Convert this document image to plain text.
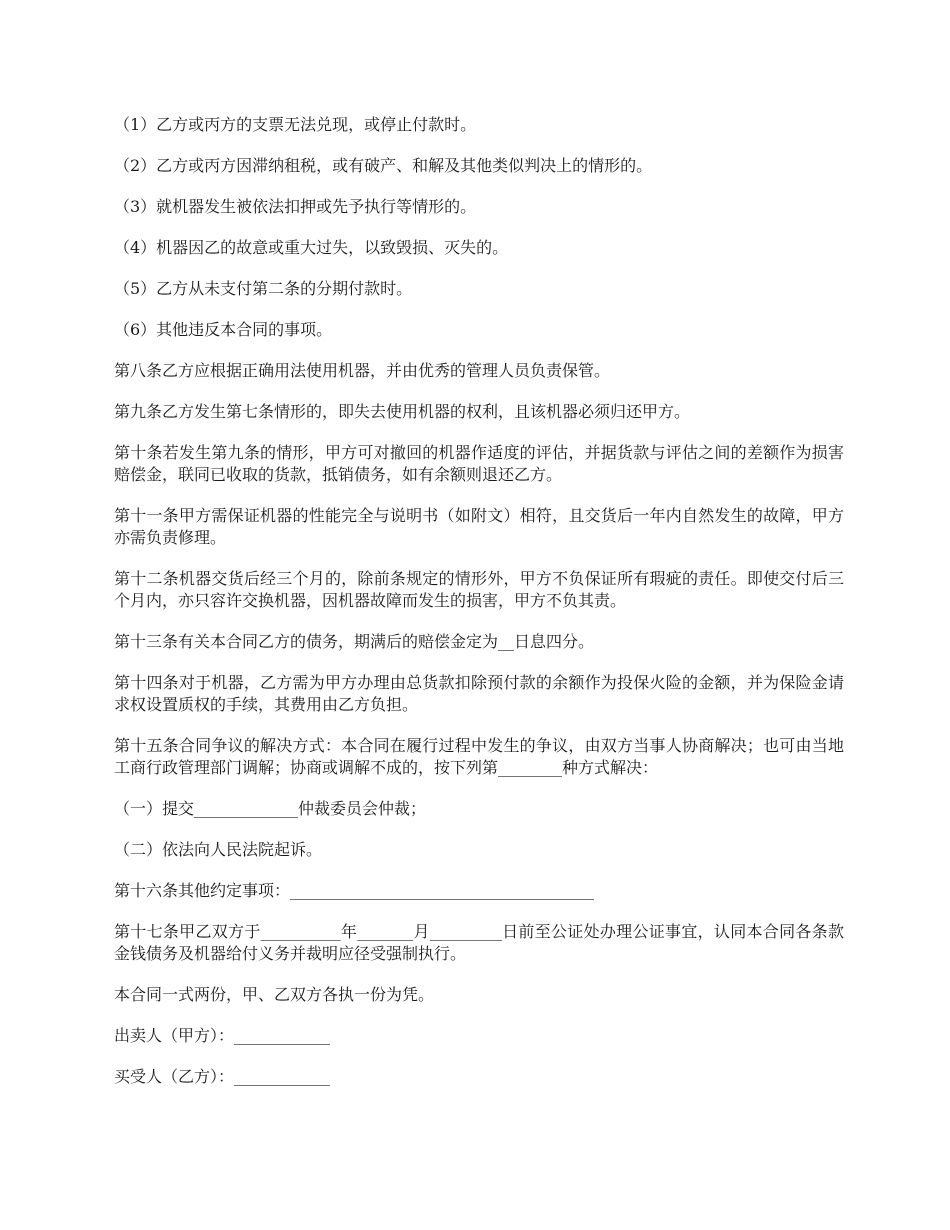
（1）乙方或丙方的支票无法兑现，或停止付款时。

（2）乙方或丙方因滞纳租税，或有破产、和解及其他类似判决上的情形的。

（3）就机器发生被依法扣押或先予执行等情形的。

（4）机器因乙的故意或重大过失，以致毁损、灭失的。

（5）乙方从未支付第二条的分期付款时。

（6）其他违反本合同的事项。

第八条乙方应根据正确用法使用机器，并由优秀的管理人员负责保管。

第九条乙方发生第七条情形的，即失去使用机器的权利，且该机器必须归还甲方。

第十条若发生第九条的情形，甲方可对撤回的机器作适度的评估，并据货款与评估之间的差额作为损害赔偿金，联同已收取的货款，抵销债务，如有余额则退还乙方。

第十一条甲方需保证机器的性能完全与说明书（如附文）相符，且交货后一年内自然发生的故障，甲方亦需负责修理。

第十二条机器交货后经三个月的，除前条规定的情形外，甲方不负保证所有瑕疵的责任。即使交付后三个月内，亦只容许交换机器，因机器故障而发生的损害，甲方不负其责。

第十三条有关本合同乙方的债务，期满后的赔偿金定为__日息四分。

第十四条对于机器，乙方需为甲方办理由总货款扣除预付款的余额作为投保火险的金额，并为保险金请求权设置质权的手续，其费用由乙方负担。

第十五条合同争议的解决方式：本合同在履行过程中发生的争议，由双方当事人协商解决；也可由当地工商行政管理部门调解；协商或调解不成的，按下列第________种方式解决：

（一）提交_____________仲裁委员会仲裁；

（二）依法向人民法院起诉。

第十六条其他约定事项：______________________________________

第十七条甲乙双方于__________年_______月_________日前至公证处办理公证事宜，认同本合同各条款金钱债务及机器给付义务并裁明应径受强制执行。

本合同一式两份，甲、乙双方各执一份为凭。

出卖人（甲方）：____________

买受人（乙方）：____________
